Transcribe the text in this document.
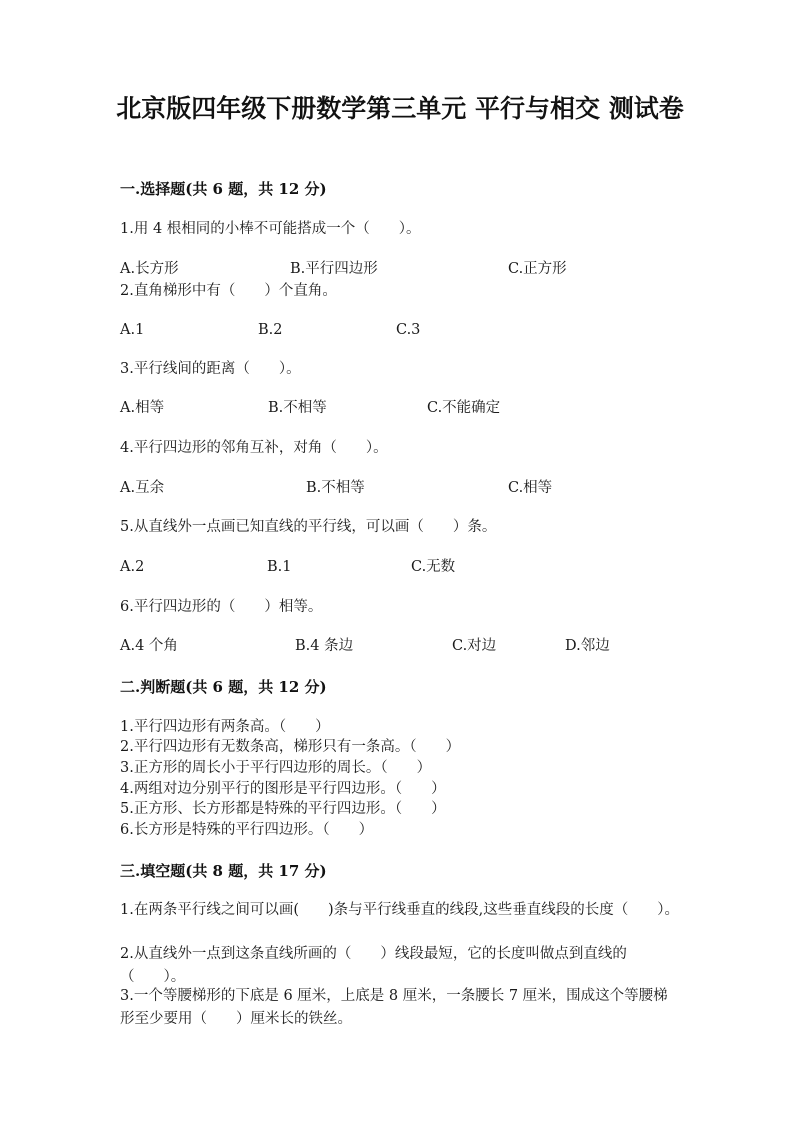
北京版四年级下册数学第三单元 平行与相交 测试卷
一.选择题(共 6 题，共 12 分)
1.用 4 根相同的小棒不可能搭成一个（　　）。
A.长方形	B.平行四边形	C.正方形
2.直角梯形中有（　　）个直角。
A.1	B.2	C.3
3.平行线间的距离（　　）。
A.相等	B.不相等	C.不能确定
4.平行四边形的邻角互补，对角（　　）。
A.互余	B.不相等	C.相等
5.从直线外一点画已知直线的平行线，可以画（　　）条。
A.2	B.1	C.无数
6.平行四边形的（　　）相等。
A.4 个角	B.4 条边	C.对边	D.邻边
二.判断题(共 6 题，共 12 分)
1.平行四边形有两条高。（　　）
2.平行四边形有无数条高，梯形只有一条高。（　　）
3.正方形的周长小于平行四边形的周长。（　　）
4.两组对边分别平行的图形是平行四边形。（　　）
5.正方形、长方形都是特殊的平行四边形。（　　）
6.长方形是特殊的平行四边形。（　　）
三.填空题(共 8 题，共 17 分)
1.在两条平行线之间可以画(　　)条与平行线垂直的线段,这些垂直线段的长度（　　）。
2.从直线外一点到这条直线所画的（　　）线段最短，它的长度叫做点到直线的（　　）。
3.一个等腰梯形的下底是 6 厘米，上底是 8 厘米，一条腰长 7 厘米，围成这个等腰梯形至少要用（　　）厘米长的铁丝。
